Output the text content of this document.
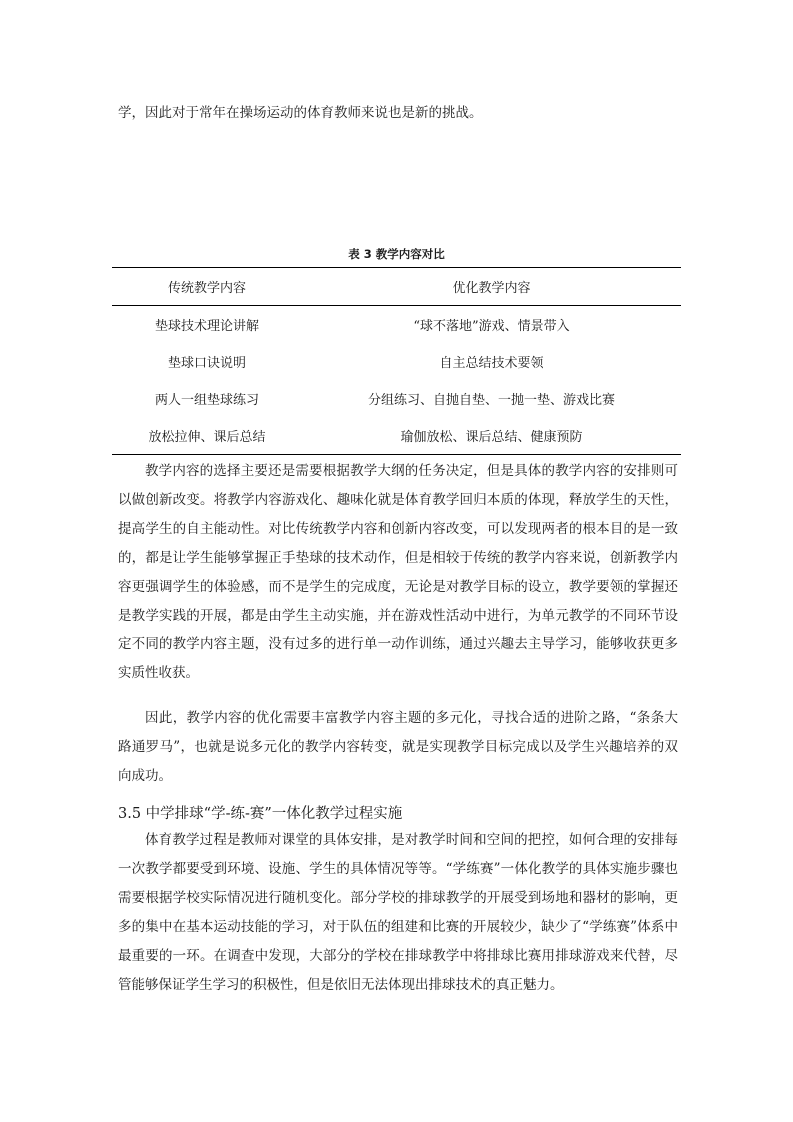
学，因此对于常年在操场运动的体育教师来说也是新的挑战。
表 3 教学内容对比
传统教学内容	优化教学内容
垫球技术理论讲解	“球不落地”游戏、情景带入
垫球口诀说明	自主总结技术要领
两人一组垫球练习	分组练习、自抛自垫、一抛一垫、游戏比赛
放松拉伸、课后总结	瑜伽放松、课后总结、健康预防

教学内容的选择主要还是需要根据教学大纲的任务决定，但是具体的教学内容的安排则可以做创新改变。将教学内容游戏化、趣味化就是体育教学回归本质的体现，释放学生的天性，提高学生的自主能动性。对比传统教学内容和创新内容改变，可以发现两者的根本目的是一致的，都是让学生能够掌握正手垫球的技术动作，但是相较于传统的教学内容来说，创新教学内容更强调学生的体验感，而不是学生的完成度，无论是对教学目标的设立，教学要领的掌握还是教学实践的开展，都是由学生主动实施，并在游戏性活动中进行，为单元教学的不同环节设定不同的教学内容主题，没有过多的进行单一动作训练，通过兴趣去主导学习，能够收获更多实质性收获。

因此，教学内容的优化需要丰富教学内容主题的多元化，寻找合适的进阶之路，“条条大路通罗马”，也就是说多元化的教学内容转变，就是实现教学目标完成以及学生兴趣培养的双向成功。

3.5 中学排球“学-练-赛”一体化教学过程实施

体育教学过程是教师对课堂的具体安排，是对教学时间和空间的把控，如何合理的安排每一次教学都要受到环境、设施、学生的具体情况等等。“学练赛”一体化教学的具体实施步骤也需要根据学校实际情况进行随机变化。部分学校的排球教学的开展受到场地和器材的影响，更多的集中在基本运动技能的学习，对于队伍的组建和比赛的开展较少，缺少了“学练赛”体系中最重要的一环。在调查中发现，大部分的学校在排球教学中将排球比赛用排球游戏来代替，尽管能够保证学生学习的积极性，但是依旧无法体现出排球技术的真正魅力。
